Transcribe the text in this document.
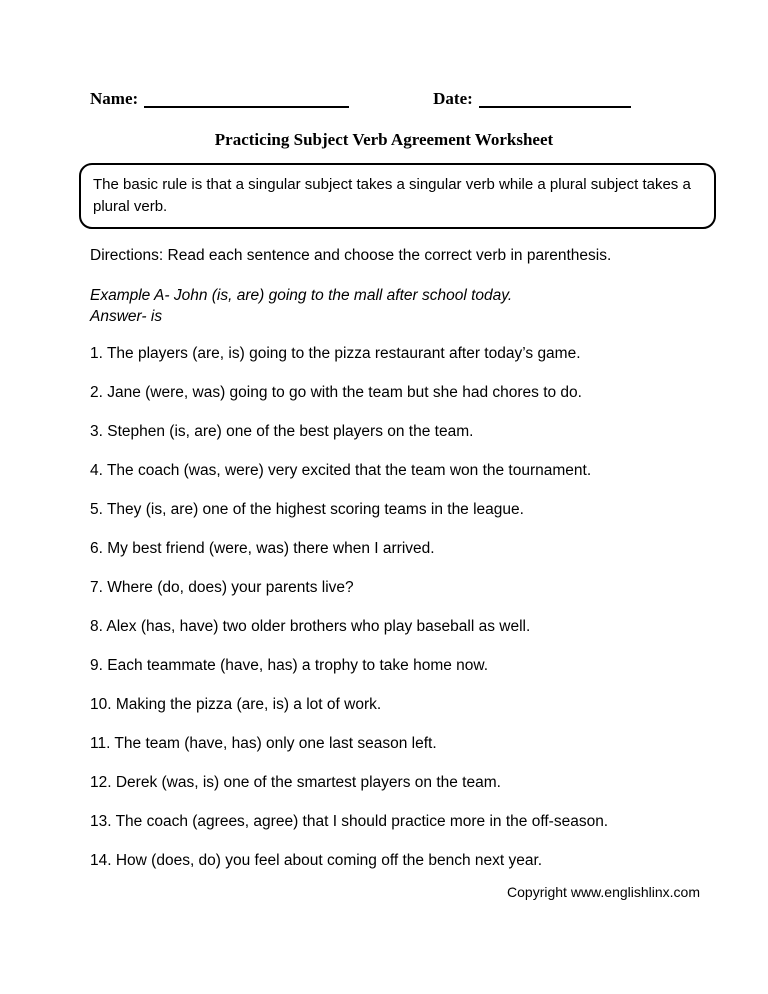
Name:	Date:
Practicing Subject Verb Agreement Worksheet
The basic rule is that a singular subject takes a singular verb while a plural subject takes a plural verb.
Directions: Read each sentence and choose the correct verb in parenthesis.
Example A- John (is, are) going to the mall after school today.
Answer- is
1. The players (are, is) going to the pizza restaurant after today’s game.
2. Jane (were, was) going to go with the team but she had chores to do.
3. Stephen (is, are) one of the best players on the team.
4. The coach (was, were) very excited that the team won the tournament.
5. They (is, are) one of the highest scoring teams in the league.
6. My best friend (were, was) there when I arrived.
7. Where (do, does) your parents live?
8. Alex (has, have) two older brothers who play baseball as well.
9. Each teammate (have, has) a trophy to take home now.
10. Making the pizza (are, is) a lot of work.
11. The team (have, has) only one last season left.
12. Derek (was, is) one of the smartest players on the team.
13. The coach (agrees, agree) that I should practice more in the off-season.
14. How (does, do) you feel about coming off the bench next year.
Copyright www.englishlinx.com
